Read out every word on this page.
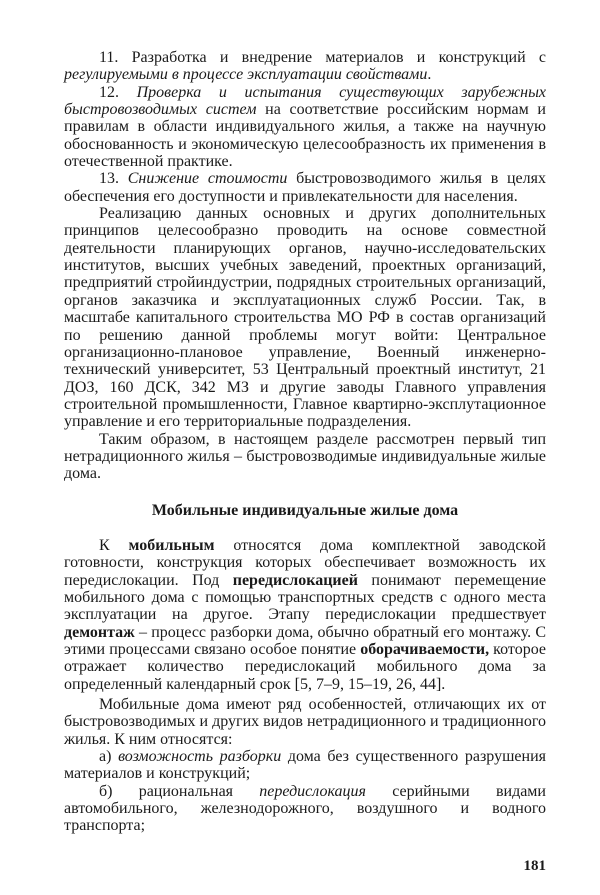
11. Разработка и внедрение материалов и конструкций с регулируемыми в процессе эксплуатации свойствами.

12. Проверка и испытания существующих зарубежных быстровозводимых систем на соответствие российским нормам и правилам в области индивидуального жилья, а также на научную обоснованность и экономическую целесообразность их применения в отечественной практике.

13. Снижение стоимости быстровозводимого жилья в целях обеспечения его доступности и привлекательности для населения.

Реализацию данных основных и других дополнительных принципов целесообразно проводить на основе совместной деятельности планирующих органов, научно-исследовательских институтов, высших учебных заведений, проектных организаций, предприятий стройиндустрии, подрядных строительных организаций, органов заказчика и эксплуатационных служб России. Так, в масштабе капитального строительства МО РФ в состав организаций по решению данной проблемы могут войти: Центральное организационно-плановое управление, Военный инженерно-технический университет, 53 Центральный проектный институт, 21 ДОЗ, 160 ДСК, 342 МЗ и другие заводы Главного управления строительной промышленности, Главное квартирно-эксплутационное управление и его территориальные подразделения.

Таким образом, в настоящем разделе рассмотрен первый тип нетрадиционного жилья – быстровозводимые индивидуальные жилые дома.

Мобильные индивидуальные жилые дома

К мобильным относятся дома комплектной заводской готовности, конструкция которых обеспечивает возможность их передислокации. Под передислокацией понимают перемещение мобильного дома с помощью транспортных средств с одного места эксплуатации на другое. Этапу передислокации предшествует демонтаж – процесс разборки дома, обычно обратный его монтажу. С этими процессами связано особое понятие оборачиваемости, которое отражает количество передислокаций мобильного дома за определенный календарный срок [5, 7–9, 15–19, 26, 44].

Мобильные дома имеют ряд особенностей, отличающих их от быстровозводимых и других видов нетрадиционного и традиционного жилья. К ним относятся:

а) возможность разборки дома без существенного разрушения материалов и конструкций;

б) рациональная передислокация серийными видами автомобильного, железнодорожного, воздушного и водного транспорта;

181
